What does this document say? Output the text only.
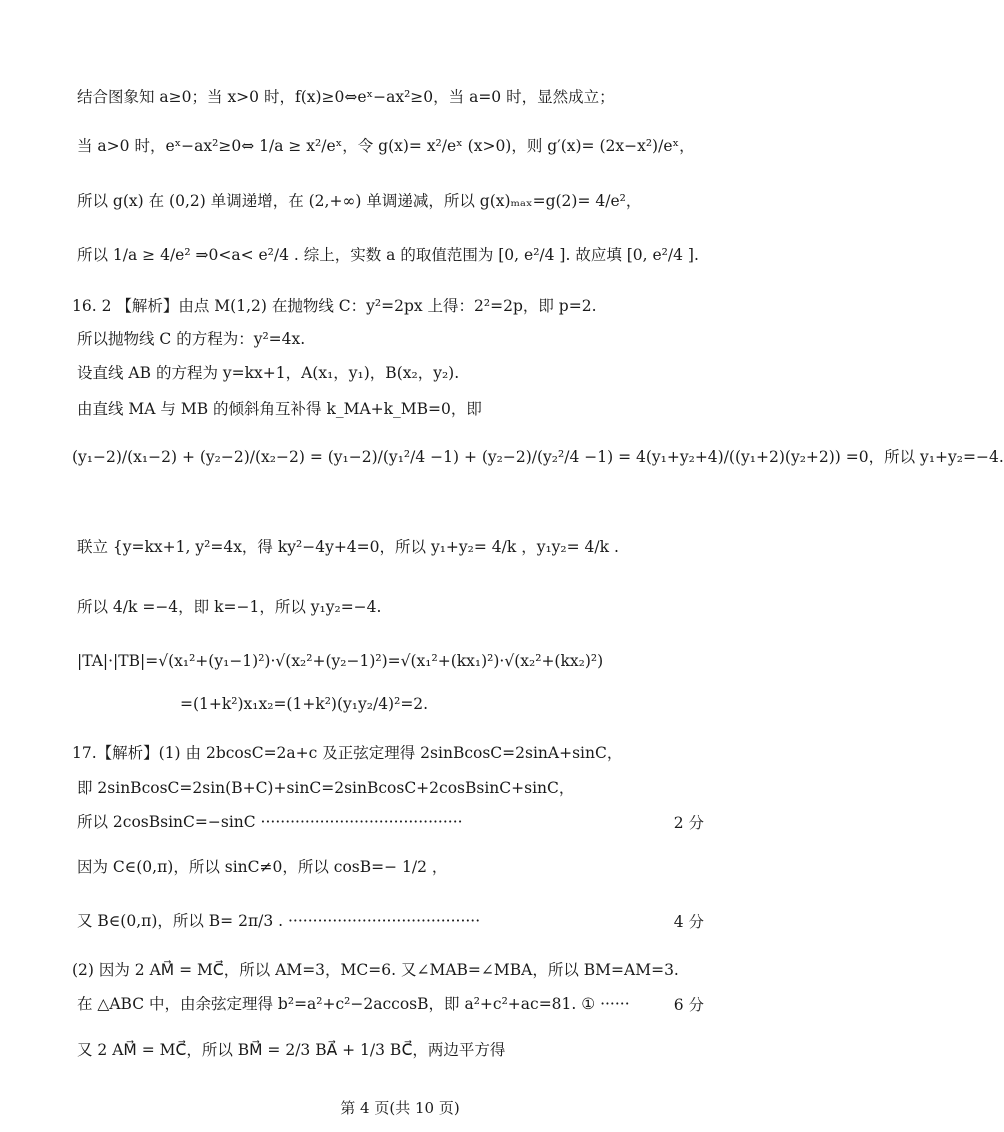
结合图象知 a≥0；当 x>0 时，f(x)≥0⇔eˣ−ax²≥0，当 a=0 时，显然成立；
当 a>0 时，eˣ−ax²≥0⇔ 1/a ≥ x²/eˣ，令 g(x)= x²/eˣ (x>0)，则 g′(x)= (2x−x²)/eˣ，
所以 g(x) 在 (0,2) 单调递增，在 (2,+∞) 单调递减，所以 g(x)ₘₐₓ=g(2)= 4/e²，
所以 1/a ≥ 4/e² ⇒0<a< e²/4 . 综上，实数 a 的取值范围为 [0, e²/4 ]. 故应填 [0, e²/4 ].
16. 2 【解析】由点 M(1,2) 在抛物线 C：y²=2px 上得：2²=2p，即 p=2.
所以抛物线 C 的方程为：y²=4x.
设直线 AB 的方程为 y=kx+1，A(x₁，y₁)，B(x₂，y₂).
由直线 MA 与 MB 的倾斜角互补得 k_MA+k_MB=0，即
(y₁−2)/(x₁−2) + (y₂−2)/(x₂−2) = (y₁−2)/(y₁²/4 −1) + (y₂−2)/(y₂²/4 −1) = 4(y₁+y₂+4)/((y₁+2)(y₂+2)) =0，所以 y₁+y₂=−4.
联立 {y=kx+1, y²=4x，得 ky²−4y+4=0，所以 y₁+y₂= 4/k ，y₁y₂= 4/k .
所以 4/k =−4，即 k=−1，所以 y₁y₂=−4.
|TA|·|TB|=√(x₁²+(y₁−1)²)·√(x₂²+(y₂−1)²)=√(x₁²+(kx₁)²)·√(x₂²+(kx₂)²)
=(1+k²)x₁x₂=(1+k²)(y₁y₂/4)²=2.
17.【解析】(1) 由 2bcosC=2a+c 及正弦定理得 2sinBcosC=2sinA+sinC，
即 2sinBcosC=2sin(B+C)+sinC=2sinBcosC+2cosBsinC+sinC，
所以 2cosBsinC=−sinC ·········································	2 分
因为 C∈(0,π)，所以 sinC≠0，所以 cosB=− 1/2 ，
又 B∈(0,π)，所以 B= 2π/3 . ·······································	4 分
(2) 因为 2 AM⃗ = MC⃗，所以 AM=3，MC=6. 又∠MAB=∠MBA，所以 BM=AM=3.
在 △ABC 中，由余弦定理得 b²=a²+c²−2accosB，即 a²+c²+ac=81. ① ······	6 分
又 2 AM⃗ = MC⃗，所以 BM⃗ = 2/3 BA⃗ + 1/3 BC⃗，两边平方得
第 4 页(共 10 页)
